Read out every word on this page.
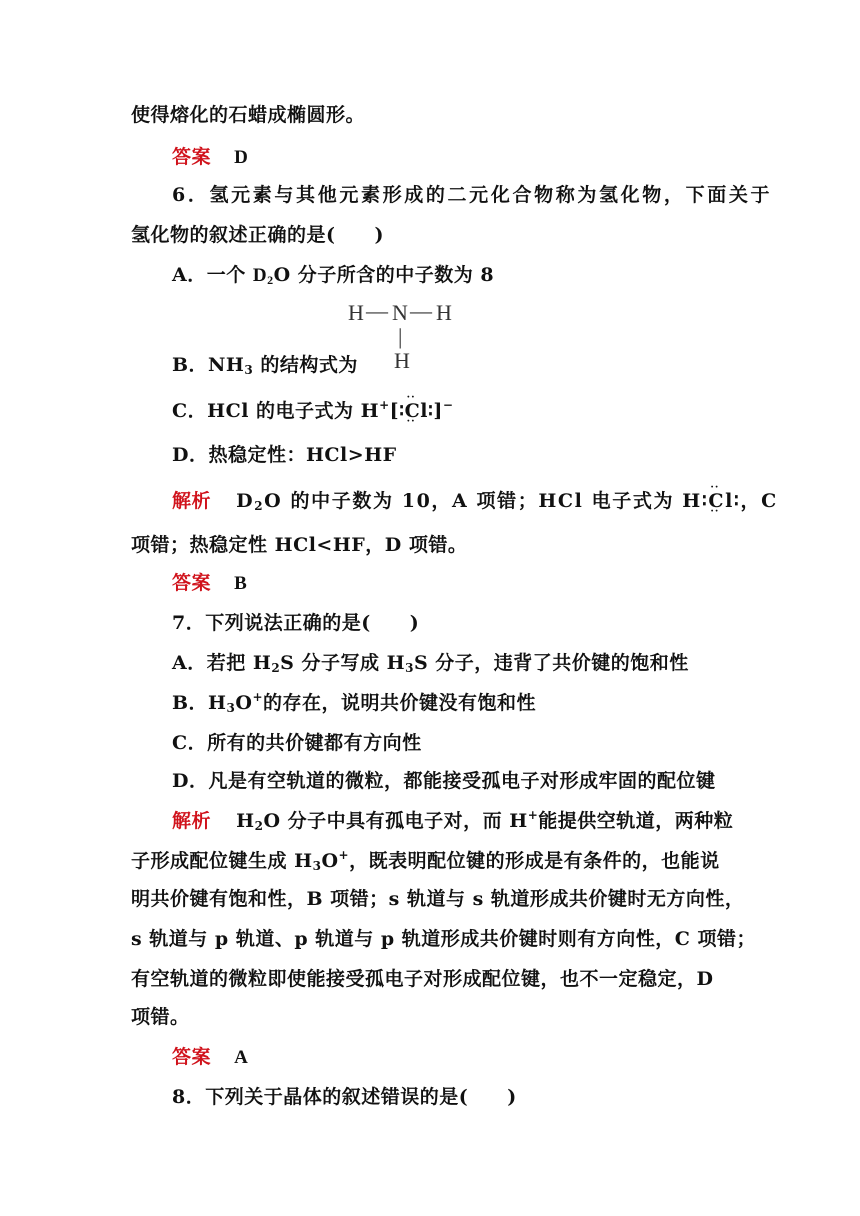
使得熔化的石蜡成椭圆形。
答案 D
6．氢元素与其他元素形成的二元化合物称为氢化物，下面关于
氢化物的叙述正确的是(　　)
A．一个 $D_2O$ 分子所含的中子数为 8
H — N — H
|
H
B．$NH_3$ 的结构式为
C．HCl 的电子式为 H+[∶·· Cl ··∶]−
D．热稳定性：HCl>HF
解析 $D_2O$ 的中子数为 10，A 项错；HCl 电子式为 H∶·· Cl ··∶，C
项错；热稳定性 HCl<HF，D 项错。
答案 B
7．下列说法正确的是(　　)
A．若把 $H_2S$ 分子写成 $H_3S$ 分子，违背了共价键的饱和性
B．$H_3O^+$的存在，说明共价键没有饱和性
C．所有的共价键都有方向性
D．凡是有空轨道的微粒，都能接受孤电子对形成牢固的配位键
解析 $H_2O$ 分子中具有孤电子对，而 H+能提供空轨道，两种粒
子形成配位键生成 $H_3O^+$，既表明配位键的形成是有条件的，也能说
明共价键有饱和性，B 项错；s 轨道与 s 轨道形成共价键时无方向性，
s 轨道与 p 轨道、p 轨道与 p 轨道形成共价键时则有方向性，C 项错；
有空轨道的微粒即使能接受孤电子对形成配位键，也不一定稳定，D
项错。
答案 A
8．下列关于晶体的叙述错误的是(　　)
